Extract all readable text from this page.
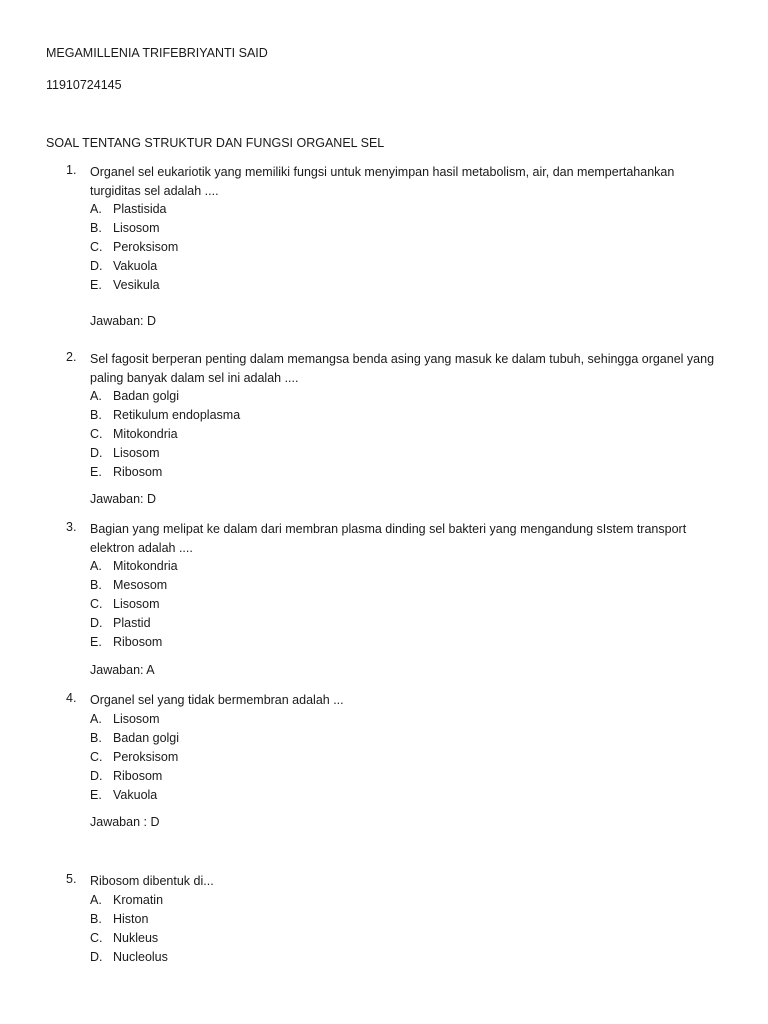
MEGAMILLENIA TRIFEBRIYANTI SAID
11910724145
SOAL TENTANG STRUKTUR DAN FUNGSI ORGANEL SEL
1.	Organel sel eukariotik yang memiliki fungsi untuk menyimpan hasil metabolism, air, dan mempertahankan turgiditas sel adalah ....
A. Plastisida
B. Lisosom
C. Peroksisom
D. Vakuola
E. Vesikula
Jawaban: D
2.	Sel fagosit berperan penting dalam memangsa benda asing yang masuk ke dalam tubuh, sehingga organel yang paling banyak dalam sel ini adalah ....
A. Badan golgi
B. Retikulum endoplasma
C. Mitokondria
D. Lisosom
E. Ribosom
Jawaban: D
3.	Bagian yang melipat ke dalam dari membran plasma dinding sel bakteri yang mengandung sIstem transport elektron adalah ....
A. Mitokondria
B. Mesosom
C. Lisosom
D. Plastid
E. Ribosom
Jawaban: A
4.	Organel sel yang tidak bermembran adalah ...
A. Lisosom
B. Badan golgi
C. Peroksisom
D. Ribosom
E. Vakuola
Jawaban : D
5.	Ribosom dibentuk di...
A. Kromatin
B. Histon
C. Nukleus
D. Nucleolus
